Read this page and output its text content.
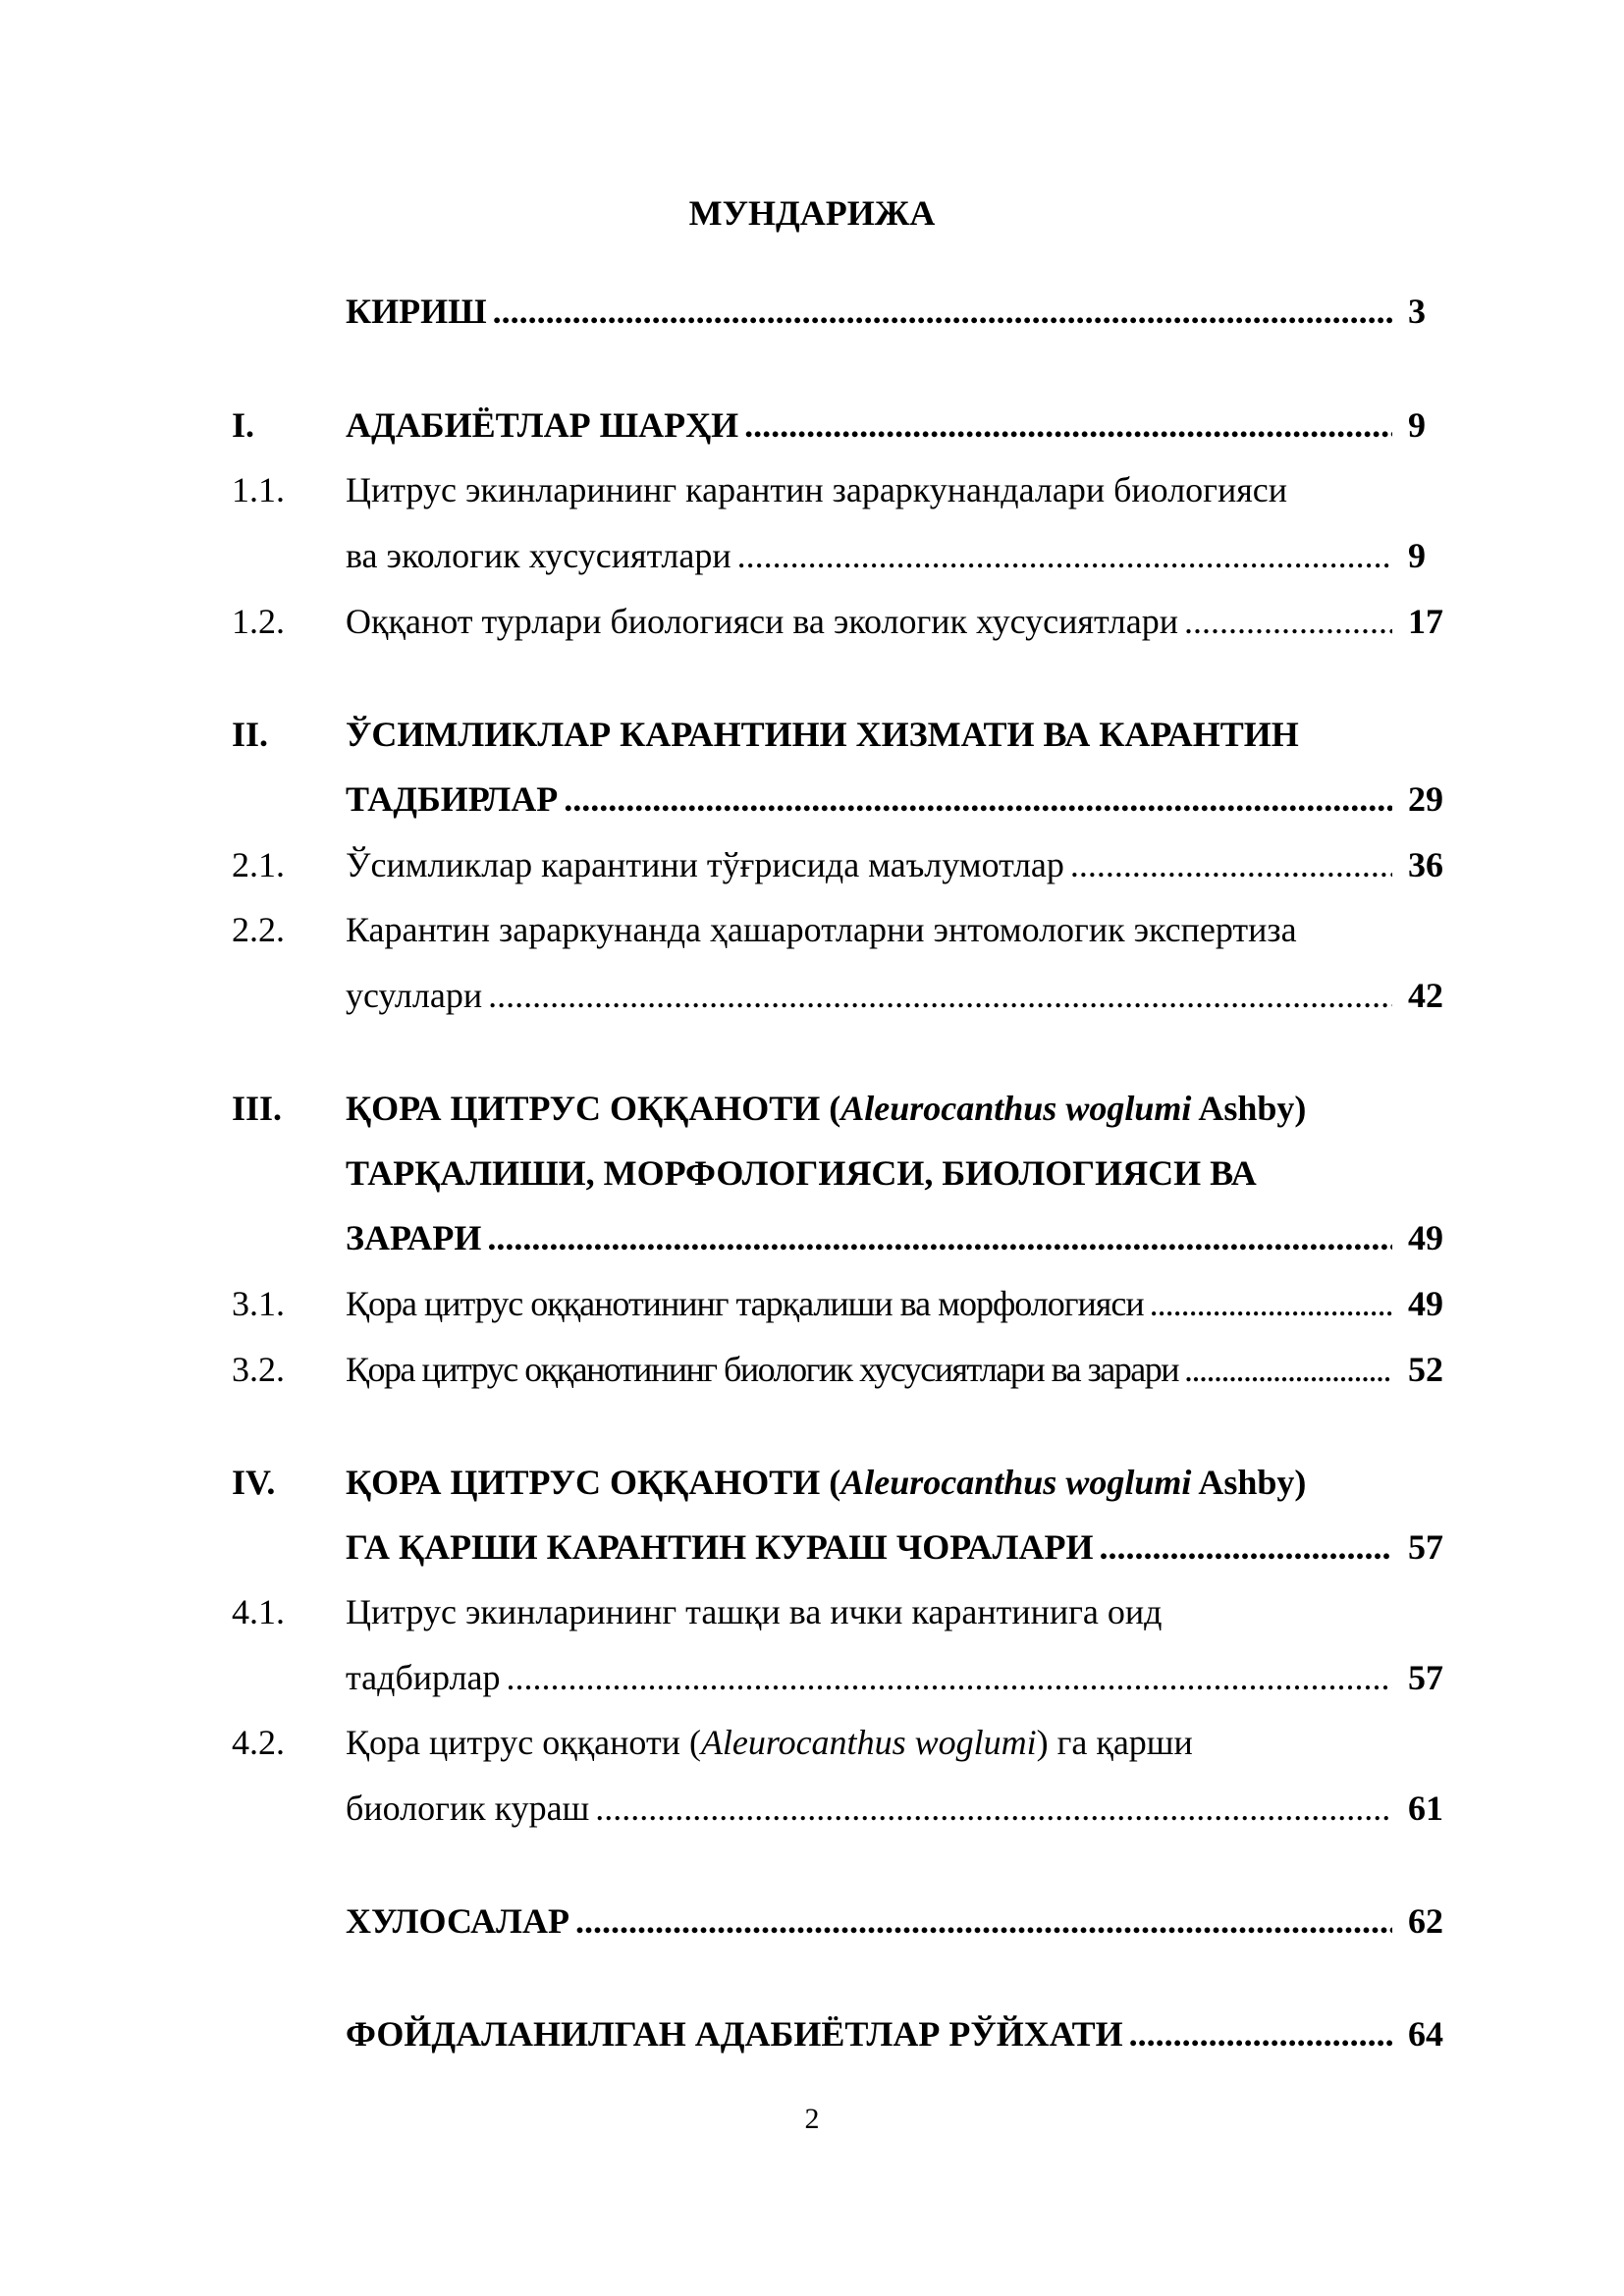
МУНДАРИЖА
КИРИШ .....	3
I.	АДАБИЁТЛАР ШАРҲИ .....	9
1.1. Цитрус экинларининг карантин зараркунандалари биологияси
ва экологик хусусиятлари .....	9
1.2. Оққанот турлари биологияси ва экологик хусусиятлари .....	17
II. ЎСИМЛИКЛАР КАРАНТИНИ ХИЗМАТИ ВА КАРАНТИН
ТАДБИРЛАР .....	29
2.1. Ўсимликлар карантини тўғрисида маълумотлар .....	36
2.2. Карантин зараркунанда ҳашаротларни энтомологик экспертиза
усуллари .....	42
III. ҚОРА ЦИТРУС ОҚҚАНОТИ (Aleurocanthus woglumi Ashby)
ТАРҚАЛИШИ, МОРФОЛОГИЯСИ, БИОЛОГИЯСИ ВА
ЗАРАРИ .....	49
3.1. Қора цитрус оққанотининг тарқалиши ва морфологияси .....	49
3.2. Қора цитрус оққанотининг биологик хусусиятлари ва зарари .....	52
IV. ҚОРА ЦИТРУС ОҚҚАНОТИ (Aleurocanthus woglumi Ashby)
ГА ҚАРШИ КАРАНТИН КУРАШ ЧОРАЛАРИ .....	57
4.1. Цитрус экинларининг ташқи ва ички карантинига оид
тадбирлар .....	57
4.2. Қора цитрус оққаноти (Aleurocanthus woglumi) га қарши
биологик кураш .....	61
ХУЛОСАЛАР .....	62
ФОЙДАЛАНИЛГАН АДАБИЁТЛАР РЎЙХАТИ .....	64
2
